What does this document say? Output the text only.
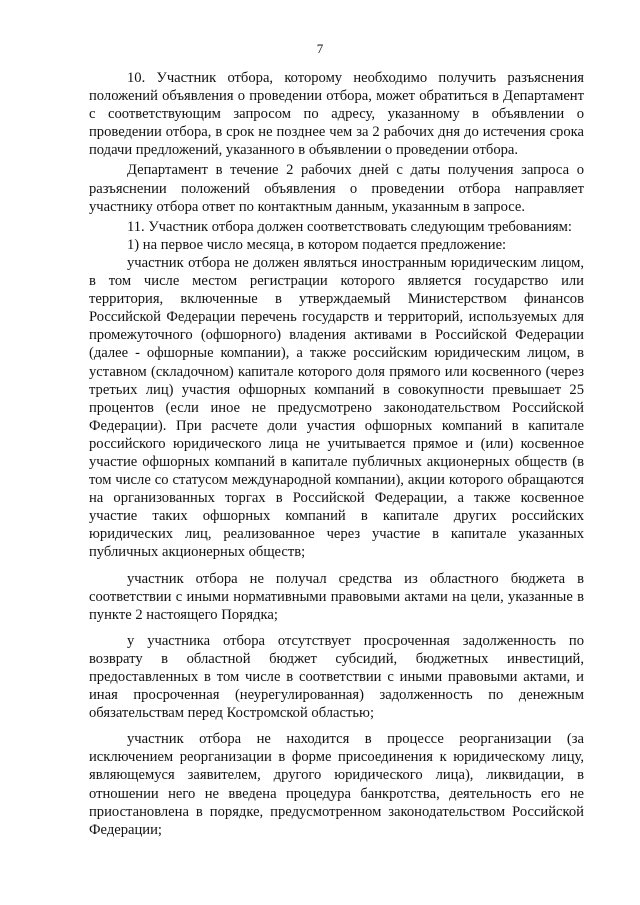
7

10. Участник отбора, которому необходимо получить разъяснения положений объявления о проведении отбора, может обратиться в Департамент с соответствующим запросом по адресу, указанному в объявлении о проведении отбора, в срок не позднее чем за 2 рабочих дня до истечения срока подачи предложений, указанного в объявлении о проведении отбора.

Департамент в течение 2 рабочих дней с даты получения запроса о разъяснении положений объявления о проведении отбора направляет участнику отбора ответ по контактным данным, указанным в запросе.

11. Участник отбора должен соответствовать следующим требованиям:

1) на первое число месяца, в котором подается предложение:

участник отбора не должен являться иностранным юридическим лицом, в том числе местом регистрации которого является государство или территория, включенные в утверждаемый Министерством финансов Российской Федерации перечень государств и территорий, используемых для промежуточного (офшорного) владения активами в Российской Федерации (далее - офшорные компании), а также российским юридическим лицом, в уставном (складочном) капитале которого доля прямого или косвенного (через третьих лиц) участия офшорных компаний в совокупности превышает 25 процентов (если иное не предусмотрено законодательством Российской Федерации). При расчете доли участия офшорных компаний в капитале российского юридического лица не учитывается прямое и (или) косвенное участие офшорных компаний в капитале публичных акционерных обществ (в том числе со статусом международной компании), акции которого обращаются на организованных торгах в Российской Федерации, а также косвенное участие таких офшорных компаний в капитале других российских юридических лиц, реализованное через участие в капитале указанных публичных акционерных обществ;

участник отбора не получал средства из областного бюджета в соответствии с иными нормативными правовыми актами на цели, указанные в пункте 2 настоящего Порядка;

у участника отбора отсутствует просроченная задолженность по возврату в областной бюджет субсидий, бюджетных инвестиций, предоставленных в том числе в соответствии с иными правовыми актами, и иная просроченная (неурегулированная) задолженность по денежным обязательствам перед Костромской областью;

участник отбора не находится в процессе реорганизации (за исключением реорганизации в форме присоединения к юридическому лицу, являющемуся заявителем, другого юридического лица), ликвидации, в отношении него не введена процедура банкротства, деятельность его не приостановлена в порядке, предусмотренном законодательством Российской Федерации;
